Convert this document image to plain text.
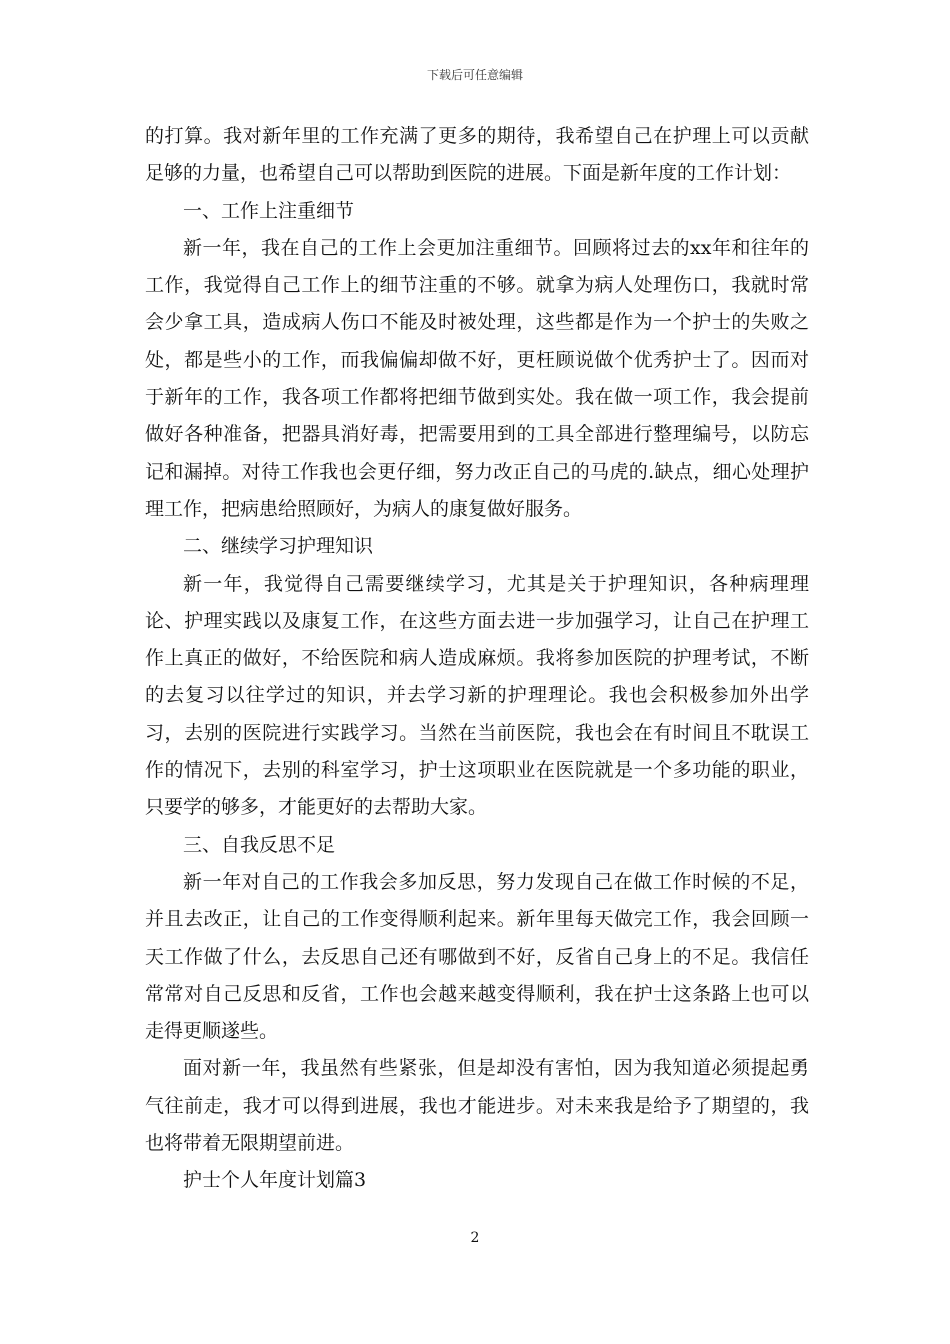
下载后可任意编辑

的打算。我对新年里的工作充满了更多的期待，我希望自己在护理上可以贡献足够的力量，也希望自己可以帮助到医院的进展。下面是新年度的工作计划：

一、工作上注重细节

新一年，我在自己的工作上会更加注重细节。回顾将过去的xx年和往年的工作，我觉得自己工作上的细节注重的不够。就拿为病人处理伤口，我就时常会少拿工具，造成病人伤口不能及时被处理，这些都是作为一个护士的失败之处，都是些小的工作，而我偏偏却做不好，更枉顾说做个优秀护士了。因而对于新年的工作，我各项工作都将把细节做到实处。我在做一项工作，我会提前做好各种准备，把器具消好毒，把需要用到的工具全部进行整理编号，以防忘记和漏掉。对待工作我也会更仔细，努力改正自己的马虎的.缺点，细心处理护理工作，把病患给照顾好，为病人的康复做好服务。

二、继续学习护理知识

新一年，我觉得自己需要继续学习，尤其是关于护理知识，各种病理理论、护理实践以及康复工作，在这些方面去进一步加强学习，让自己在护理工作上真正的做好，不给医院和病人造成麻烦。我将参加医院的护理考试，不断的去复习以往学过的知识，并去学习新的护理理论。我也会积极参加外出学习，去别的医院进行实践学习。当然在当前医院，我也会在有时间且不耽误工作的情况下，去别的科室学习，护士这项职业在医院就是一个多功能的职业，只要学的够多，才能更好的去帮助大家。

三、自我反思不足

新一年对自己的工作我会多加反思，努力发现自己在做工作时候的不足，并且去改正，让自己的工作变得顺利起来。新年里每天做完工作，我会回顾一天工作做了什么，去反思自己还有哪做到不好，反省自己身上的不足。我信任常常对自己反思和反省，工作也会越来越变得顺利，我在护士这条路上也可以走得更顺遂些。

面对新一年，我虽然有些紧张，但是却没有害怕，因为我知道必须提起勇气往前走，我才可以得到进展，我也才能进步。对未来我是给予了期望的，我也将带着无限期望前进。

护士个人年度计划篇3

2
